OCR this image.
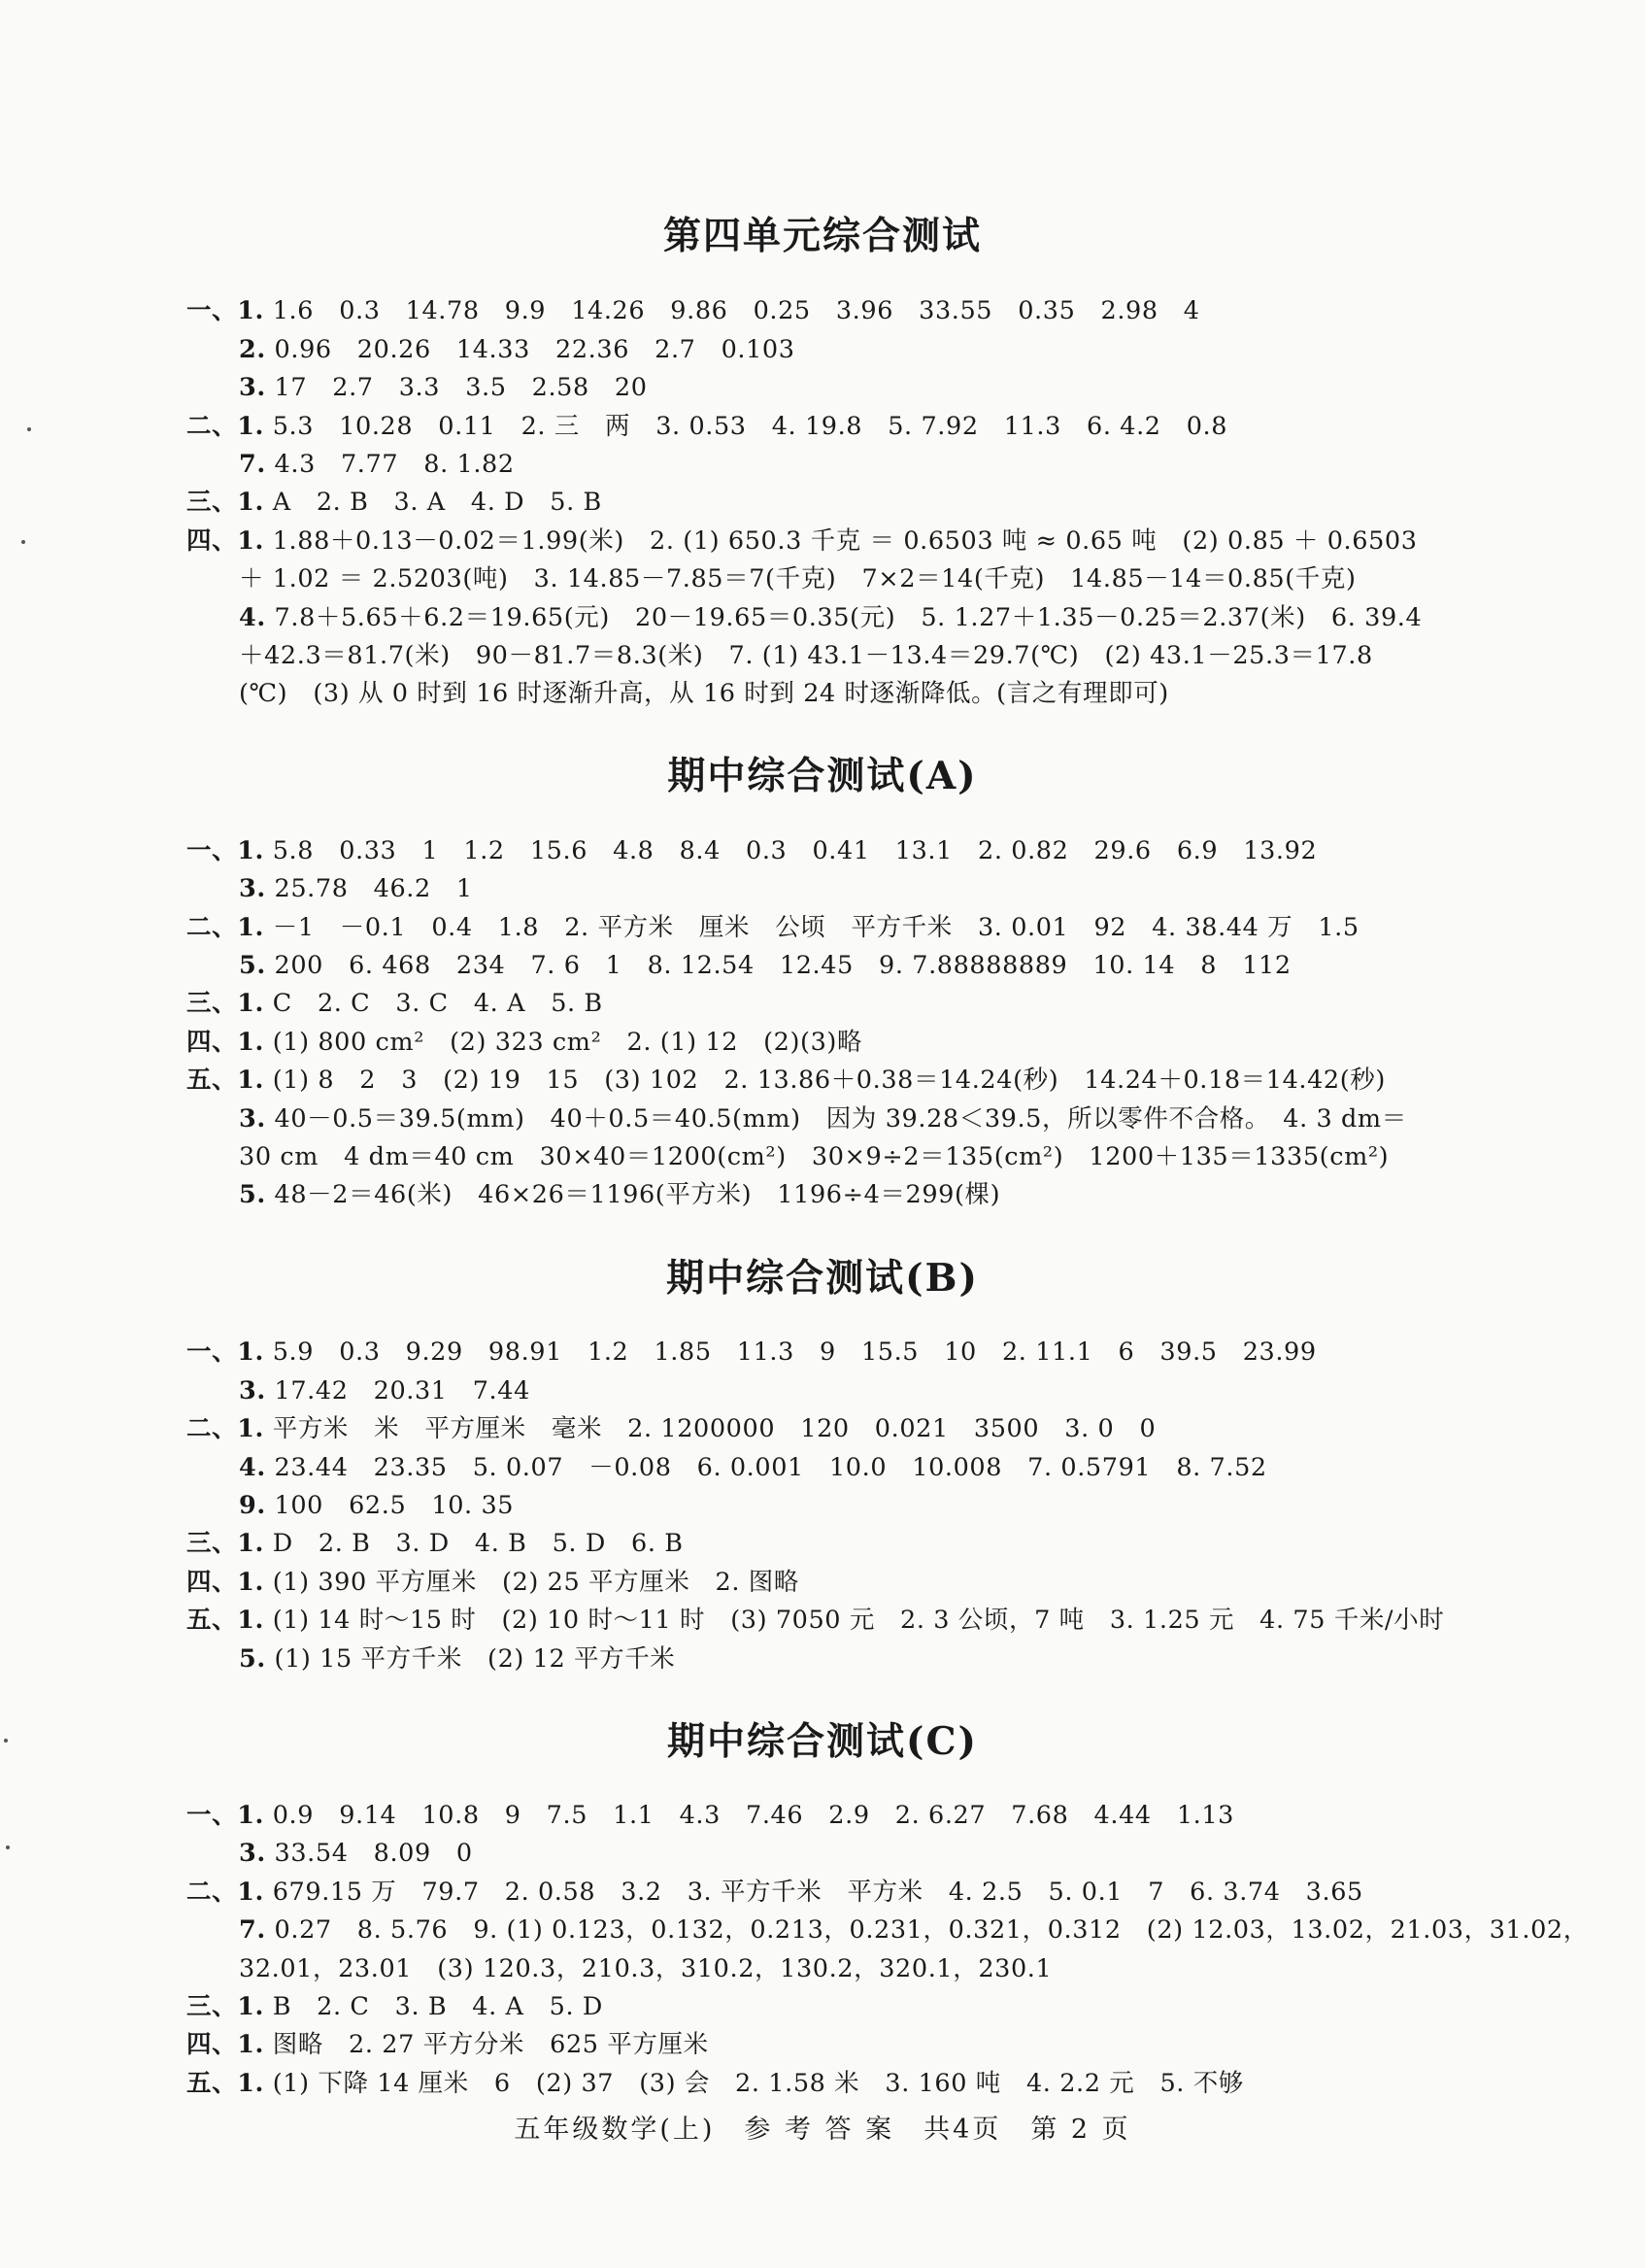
第四单元综合测试
一、1. 1.6　0.3　14.78　9.9　14.26　9.86　0.25　3.96　33.55　0.35　2.98　4
2. 0.96　20.26　14.33　22.36　2.7　0.103
3. 17　2.7　3.3　3.5　2.58　20
二、1. 5.3　10.28　0.11　2. 三　两　3. 0.53　4. 19.8　5. 7.92　11.3　6. 4.2　0.8
7. 4.3　7.77　8. 1.82
三、1. A　2. B　3. A　4. D　5. B
四、1. 1.88＋0.13－0.02＝1.99(米)　2. (1) 650.3 千克 ＝ 0.6503 吨 ≈ 0.65 吨　(2) 0.85 ＋ 0.6503
＋ 1.02 ＝ 2.5203(吨)　3. 14.85－7.85＝7(千克)　7×2＝14(千克)　14.85－14＝0.85(千克)
4. 7.8＋5.65＋6.2＝19.65(元)　20－19.65＝0.35(元)　5. 1.27＋1.35－0.25＝2.37(米)　6. 39.4
＋42.3＝81.7(米)　90－81.7＝8.3(米)　7. (1) 43.1－13.4＝29.7(℃)　(2) 43.1－25.3＝17.8
(℃)　(3) 从 0 时到 16 时逐渐升高，从 16 时到 24 时逐渐降低。(言之有理即可)
期中综合测试(A)
一、1. 5.8　0.33　1　1.2　15.6　4.8　8.4　0.3　0.41　13.1　2. 0.82　29.6　6.9　13.92
3. 25.78　46.2　1
二、1. －1　－0.1　0.4　1.8　2. 平方米　厘米　公顷　平方千米　3. 0.01　92　4. 38.44 万　1.5
5. 200　6. 468　234　7. 6　1　8. 12.54　12.45　9. 7.88888889　10. 14　8　112
三、1. C　2. C　3. C　4. A　5. B
四、1. (1) 800 cm²　(2) 323 cm²　2. (1) 12　(2)(3)略
五、1. (1) 8　2　3　(2) 19　15　(3) 102　2. 13.86＋0.38＝14.24(秒)　14.24＋0.18＝14.42(秒)
3. 40－0.5＝39.5(mm)　40＋0.5＝40.5(mm)　因为 39.28＜39.5，所以零件不合格。　4. 3 dm＝
30 cm　4 dm＝40 cm　30×40＝1200(cm²)　30×9÷2＝135(cm²)　1200＋135＝1335(cm²)
5. 48－2＝46(米)　46×26＝1196(平方米)　1196÷4＝299(棵)
期中综合测试(B)
一、1. 5.9　0.3　9.29　98.91　1.2　1.85　11.3　9　15.5　10　2. 11.1　6　39.5　23.99
3. 17.42　20.31　7.44
二、1. 平方米　米　平方厘米　毫米　2. 1200000　120　0.021　3500　3. 0　0
4. 23.44　23.35　5. 0.07　－0.08　6. 0.001　10.0　10.008　7. 0.5791　8. 7.52
9. 100　62.5　10. 35
三、1. D　2. B　3. D　4. B　5. D　6. B
四、1. (1) 390 平方厘米　(2) 25 平方厘米　2. 图略
五、1. (1) 14 时～15 时　(2) 10 时～11 时　(3) 7050 元　2. 3 公顷，7 吨　3. 1.25 元　4. 75 千米/小时
5. (1) 15 平方千米　(2) 12 平方千米
期中综合测试(C)
一、1. 0.9　9.14　10.8　9　7.5　1.1　4.3　7.46　2.9　2. 6.27　7.68　4.44　1.13
3. 33.54　8.09　0
二、1. 679.15 万　79.7　2. 0.58　3.2　3. 平方千米　平方米　4. 2.5　5. 0.1　7　6. 3.74　3.65
7. 0.27　8. 5.76　9. (1) 0.123，0.132，0.213，0.231，0.321，0.312　(2) 12.03，13.02，21.03，31.02，
32.01，23.01　(3) 120.3，210.3，310.2，130.2，320.1，230.1
三、1. B　2. C　3. B　4. A　5. D
四、1. 图略　2. 27 平方分米　625 平方厘米
五、1. (1) 下降 14 厘米　6　(2) 37　(3) 会　2. 1.58 米　3. 160 吨　4. 2.2 元　5. 不够
五年级数学(上)　参 考 答 案　共4页　第 2 页
